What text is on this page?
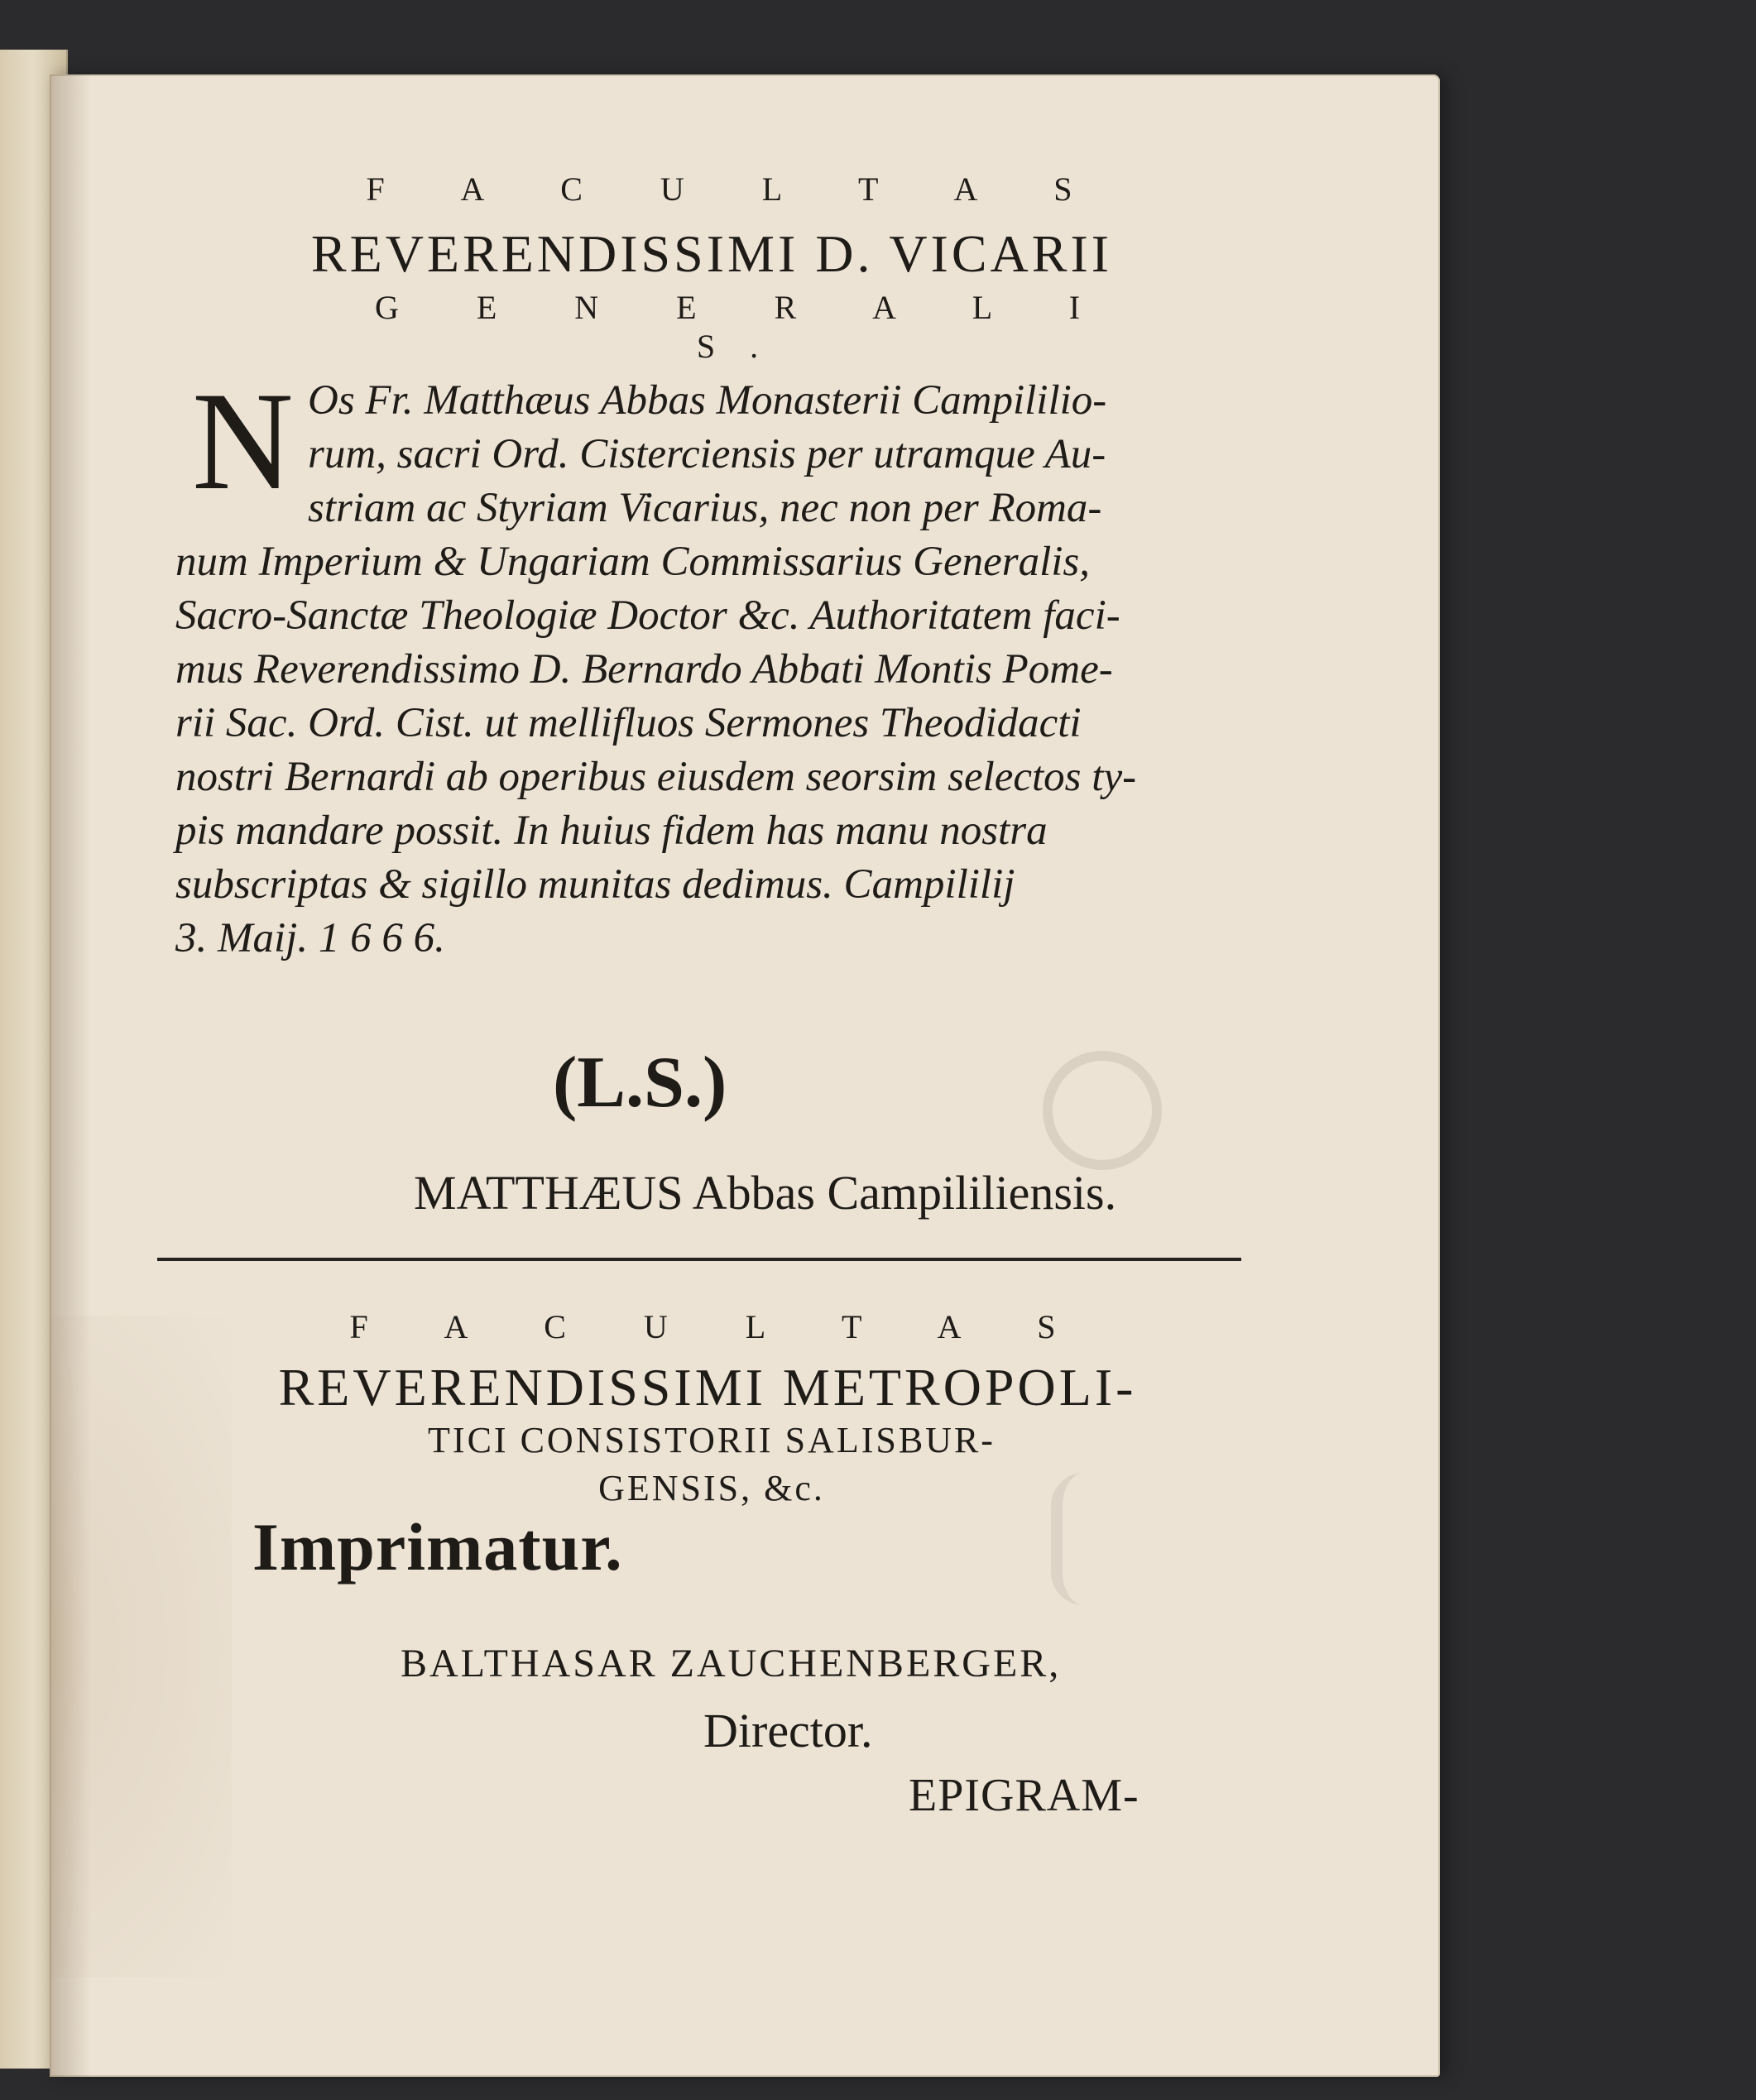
F A C U L T A S
REVERENDISSIMI D. VICARII
G E N E R A L I S.
N Os Fr. Matthæus Abbas Monasterii Campililio-
rum, sacri Ord. Cisterciensis per utramque Au-
striam ac Styriam Vicarius, nec non per Roma-
num Imperium & Ungariam Commissarius Generalis,
Sacro-Sanctæ Theologiæ Doctor &c. Authoritatem faci-
mus Reverendissimo D. Bernardo Abbati Montis Pome-
rii Sac. Ord. Cist. ut mellifluos Sermones Theodidacti
nostri Bernardi ab operibus eiusdem seorsim selectos ty-
pis mandare possit. In huius fidem has manu nostra
subscriptas & sigillo munitas dedimus. Campililij
3. Maij. 1 6 6 6.
(L.S.)
MATTHÆUS Abbas Campililiensis.
F A C U L T A S
REVERENDISSIMI METROPOLI-
TICI CONSISTORII SALISBUR-
GENSIS, &c.
Imprimatur.
BALTHASAR ZAUCHENBERGER,
Director.
EPIGRAM-
